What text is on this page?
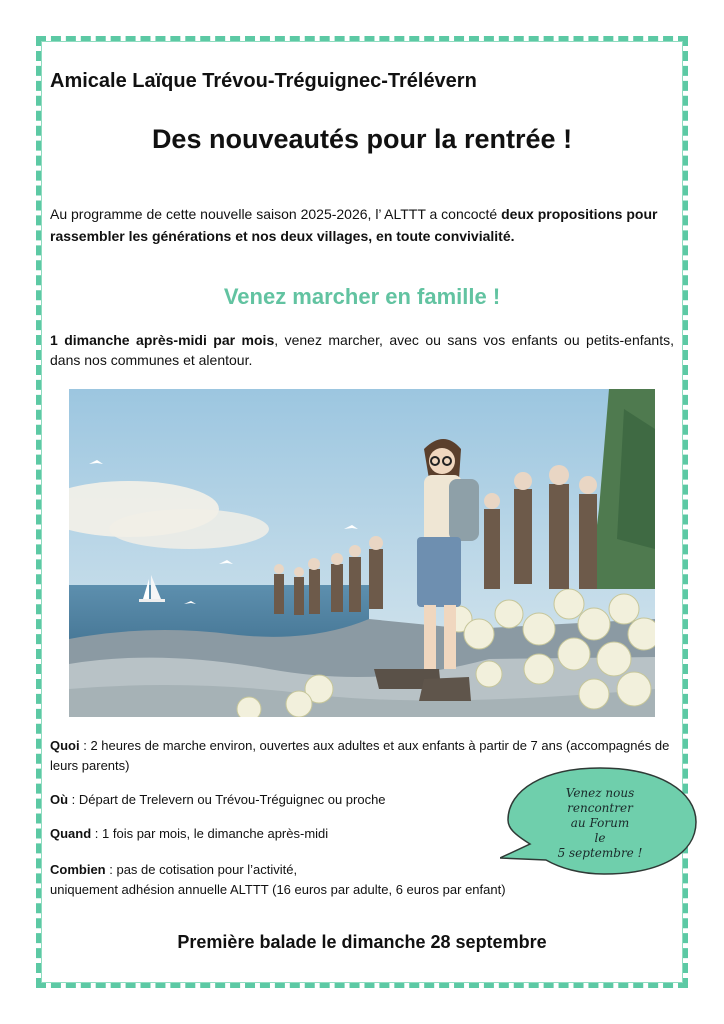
Amicale Laïque Trévou-Tréguignec-Trélévern
Des nouveautés pour la rentrée !
Au programme de cette nouvelle saison 2025-2026, l’ ALTTT a concocté deux propositions pour rassembler les générations et nos deux villages, en toute convivialité.
Venez marcher en famille !
1 dimanche après-midi par mois, venez marcher, avec ou sans vos enfants ou petits-enfants, dans nos communes et alentour.
Quoi : 2 heures de marche environ, ouvertes aux adultes et aux enfants à partir de 7 ans (accompagnés de leurs parents)
Où : Départ de Trelevern ou Trévou-Tréguignec ou proche
Quand : 1 fois par mois, le dimanche après-midi
Combien : pas de cotisation pour l’activité,
uniquement adhésion annuelle ALTTT (16 euros par adulte, 6 euros par enfant)
Venez nous
rencontrer
au Forum
le
5 septembre !
Première balade le dimanche 28 septembre
